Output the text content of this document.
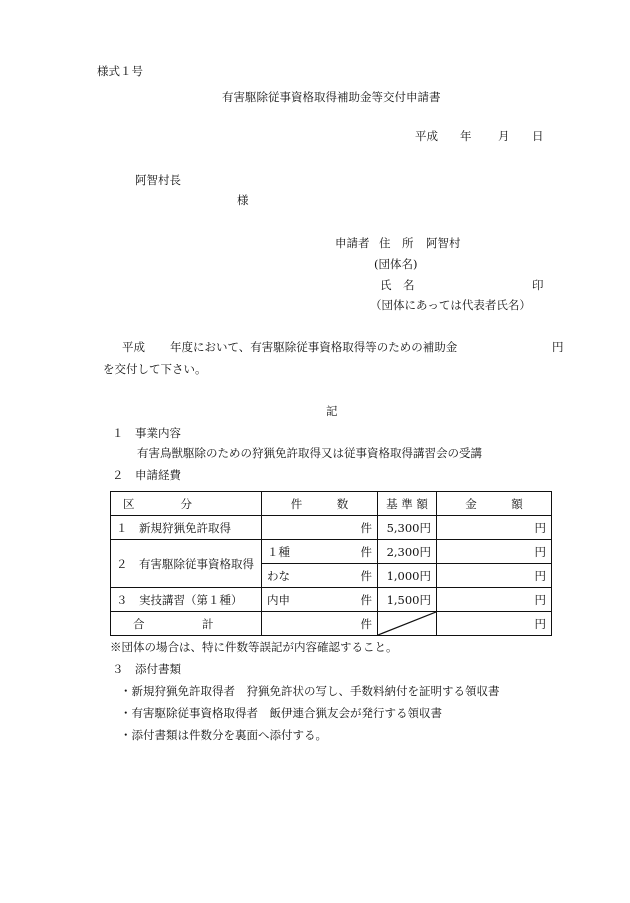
様式１号
有害駆除従事資格取得補助金等交付申請書
平成 年 月 日
阿智村長
様
申請者 住　所 阿智村
(団体名)
氏　名	印
（団体にあっては代表者氏名）
平成 年度において、有害駆除従事資格取得等のための補助金	円
を交付して下さい。
記
１　事業内容
有害鳥獣駆除のための狩猟免許取得又は従事資格取得講習会の受講
２　申請経費
区　　　　分	件　　　数	基 準 額	金　　　額
１　新規狩猟免許取得	件	5,300円	円
２　有害駆除従事資格取得	１種 件	2,300円	円

	わな 件	1,000円	円
３　実技講習（第１種）	内申 件	1,500円	円
合　　　　　計	件		円
※団体の場合は、特に件数等誤記が内容確認すること。
３　添付書類
・新規狩猟免許取得者　狩猟免許状の写し、手数料納付を証明する領収書
・有害駆除従事資格取得者　飯伊連合猟友会が発行する領収書
・添付書類は件数分を裏面へ添付する。
